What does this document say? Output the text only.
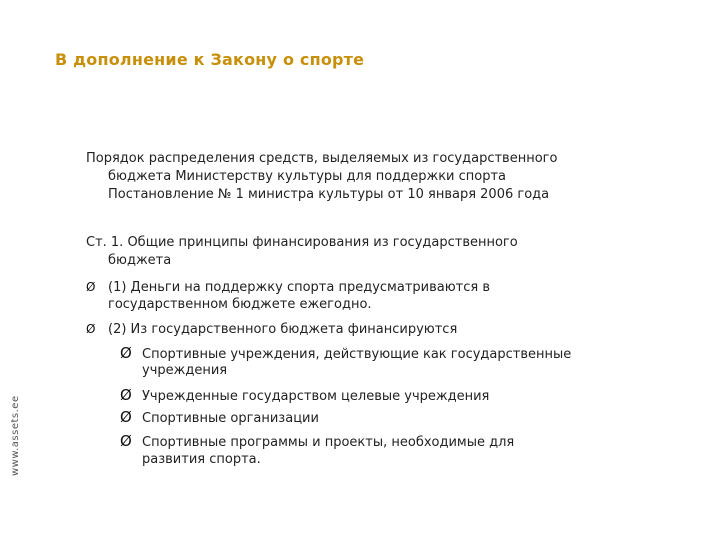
В дополнение к Закону о спорте
Порядок распределения средств, выделяемых из государственного
бюджета Министерству культуры для поддержки спорта
Постановление № 1 министра культуры от 10 января 2006 года
Ст. 1. Общие принципы финансирования из государственного
бюджета
Ø (1) Деньги на поддержку спорта предусматриваются в
государственном бюджете ежегодно.
Ø (2) Из государственного бюджета финансируются
Ø Спортивные учреждения, действующие как государственные
учреждения
Ø Учрежденные государством целевые учреждения
Ø Спортивные организации
Ø Спортивные программы и проекты, необходимые для
развития спорта.
www.assets.ee
